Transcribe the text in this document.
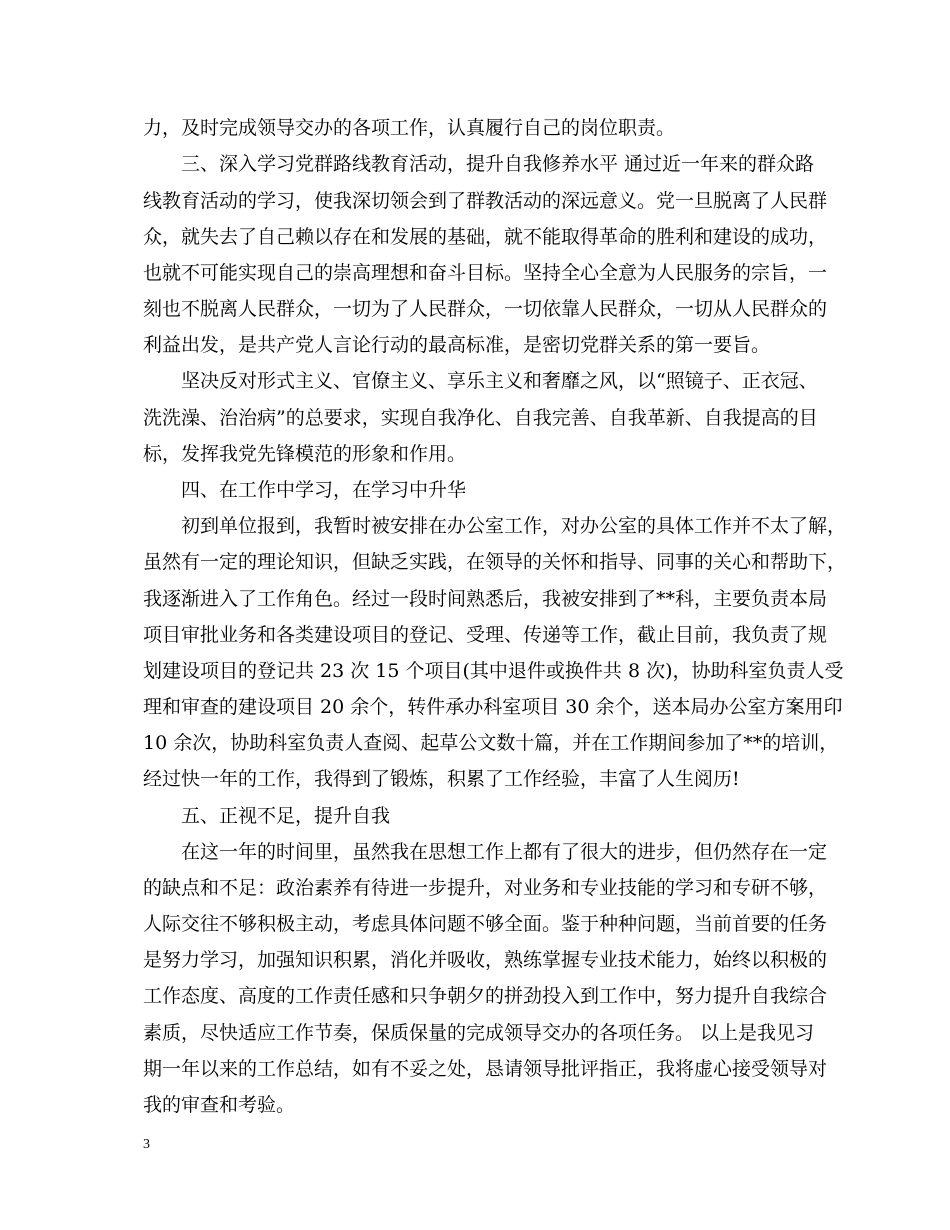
力，及时完成领导交办的各项工作，认真履行自己的岗位职责。
　　三、深入学习党群路线教育活动，提升自我修养水平 通过近一年来的群众路
线教育活动的学习，使我深切领会到了群教活动的深远意义。党一旦脱离了人民群
众，就失去了自己赖以存在和发展的基础，就不能取得革命的胜利和建设的成功，
也就不可能实现自己的崇高理想和奋斗目标。坚持全心全意为人民服务的宗旨，一
刻也不脱离人民群众，一切为了人民群众，一切依靠人民群众，一切从人民群众的
利益出发，是共产党人言论行动的最高标准，是密切党群关系的第一要旨。
　　坚决反对形式主义、官僚主义、享乐主义和奢靡之风，以“照镜子、正衣冠、
洗洗澡、治治病”的总要求，实现自我净化、自我完善、自我革新、自我提高的目
标，发挥我党先锋模范的形象和作用。
　　四、在工作中学习，在学习中升华
　　初到单位报到，我暂时被安排在办公室工作，对办公室的具体工作并不太了解，
虽然有一定的理论知识，但缺乏实践，在领导的关怀和指导、同事的关心和帮助下，
我逐渐进入了工作角色。经过一段时间熟悉后，我被安排到了**科，主要负责本局
项目审批业务和各类建设项目的登记、受理、传递等工作，截止目前，我负责了规
划建设项目的登记共 23 次 15 个项目(其中退件或换件共 8 次)，协助科室负责人受
理和审查的建设项目 20 余个，转件承办科室项目 30 余个，送本局办公室方案用印
10 余次，协助科室负责人查阅、起草公文数十篇，并在工作期间参加了**的培训，
经过快一年的工作，我得到了锻炼，积累了工作经验，丰富了人生阅历!
　　五、正视不足，提升自我
　　在这一年的时间里，虽然我在思想工作上都有了很大的进步，但仍然存在一定
的缺点和不足：政治素养有待进一步提升，对业务和专业技能的学习和专研不够，
人际交往不够积极主动，考虑具体问题不够全面。鉴于种种问题，当前首要的任务
是努力学习，加强知识积累，消化并吸收，熟练掌握专业技术能力，始终以积极的
工作态度、高度的工作责任感和只争朝夕的拼劲投入到工作中，努力提升自我综合
素质，尽快适应工作节奏，保质保量的完成领导交办的各项任务。 以上是我见习
期一年以来的工作总结，如有不妥之处，恳请领导批评指正，我将虚心接受领导对
我的审查和考验。
3
